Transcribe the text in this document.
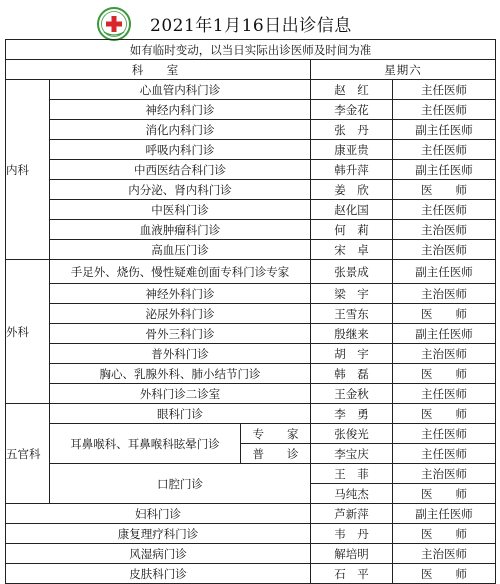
2021年1月16日出诊信息
如有临时变动，以当日实际出诊医师及时间为准				
科　室			星期六	
内科	心血管内科门诊		赵　红	主任医师
	神经内科门诊		李金花	主任医师
	消化内科门诊		张　丹	副主任医师
	呼吸内科门诊		康亚贵	主任医师
	中西医结合科门诊		韩升萍	副主任医师
	内分泌、肾内科门诊		姜　欣	医　　师
	中医科门诊		赵化国	主任医师
	血液肿瘤科门诊		何　莉	主治医师
	高血压门诊		宋　卓	主治医师
外科	手足外、烧伤、慢性疑难创面专科门诊专家		张景成	副主任医师
	神经外科门诊		梁　宇	主治医师
	泌尿外科门诊		王雪东	医　　师
	骨外三科门诊		殷继来	副主任医师
	普外科门诊		胡　宇	主治医师
	胸心、乳腺外科、肺小结节门诊		韩　磊	医　　师
	外科门诊二诊室		王金秋	主任医师
五官科	眼科门诊		李　勇	医　　师
	耳鼻喉科、耳鼻喉科眩晕门诊	专　　家	张俊光	主任医师
		普　　诊	李宝庆	主任医师
	口腔门诊		王　菲	主治医师
			马纯杰	医　　师
妇科门诊			芦新萍	副主任医师
康复理疗科门诊			韦　丹	医　　师
风湿病门诊			解培明	主治医师
皮肤科门诊			石　平	医　　师
